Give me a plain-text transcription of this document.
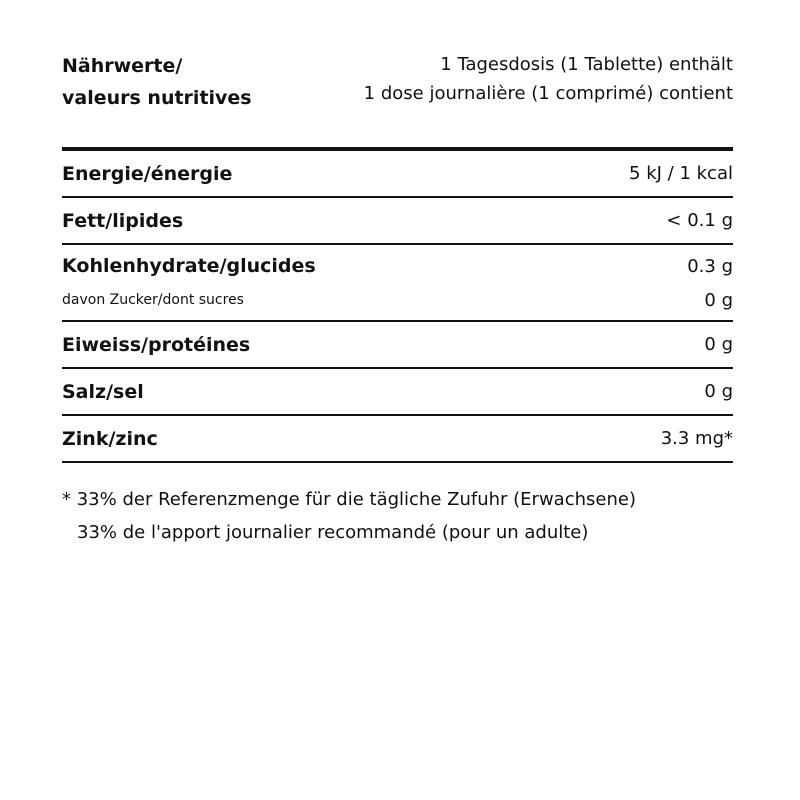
Nährwerte/
valeurs nutritives
1 Tagesdosis (1 Tablette) enthält
1 dose journalière (1 comprimé) contient
Energie/énergie	5 kJ / 1 kcal
Fett/lipides	< 0.1 g
Kohlenhydrate/glucides	0.3 g
davon Zucker/dont sucres	0 g
Eiweiss/protéines	0 g
Salz/sel	0 g
Zink/zinc	3.3 mg*
* 33% der Referenzmenge für die tägliche Zufuhr (Erwachsene)
33% de l'apport journalier recommandé (pour un adulte)
